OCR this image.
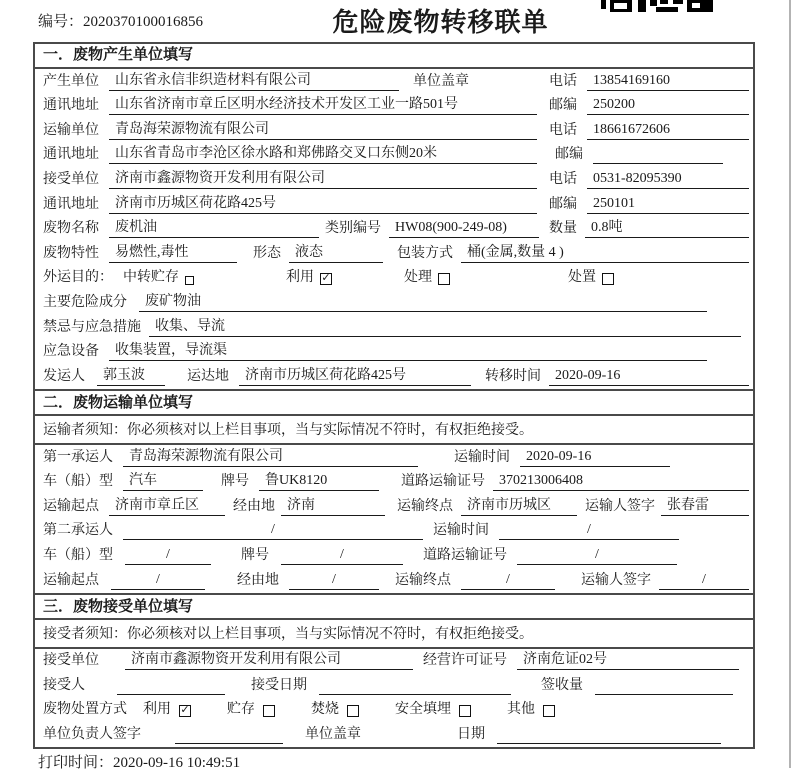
编号：2020370100016856	危险废物转移联单
一．废物产生单位填写
产生单位	山东省永信非织造材料有限公司	单位盖章	电话	13854169160
通讯地址	山东省济南市章丘区明水经济技术开发区工业一路501号	邮编	250200
运输单位	青岛海荣源物流有限公司	电话	18661672606
通讯地址	山东省青岛市李沧区徐水路和郑佛路交叉口东侧20米	邮编
接受单位	济南市鑫源物资开发利用有限公司	电话	0531-82095390
通讯地址	济南市历城区荷花路425号	邮编	250101
废物名称	废机油	类别编号	HW08(900-249-08)	数量	0.8吨
废物特性	易燃性,毒性	形态	液态	包装方式	桶(金属,数量 4 )
外运目的： 中转贮存	利用 ✓	处理	处置
主要危险成分	废矿物油
禁忌与应急措施	收集、导流
应急设备	收集装置，导流渠
发运人	郭玉波	运达地	济南市历城区荷花路425号	转移时间	2020-09-16
二．废物运输单位填写
运输者须知：你必须核对以上栏目事项，当与实际情况不符时，有权拒绝接受。
第一承运人	青岛海荣源物流有限公司	运输时间	2020-09-16
车（船）型	汽车	牌号	鲁UK8120	道路运输证号	370213006408
运输起点	济南市章丘区	经由地 济南	运输终点	济南市历城区	运输人签字 张春雷
第二承运人	/	运输时间	/
车（船）型	/	牌号	/	道路运输证号	/
运输起点	/	经由地	/	运输终点	/	运输人签字	/
三．废物接受单位填写
接受者须知：你必须核对以上栏目事项，当与实际情况不符时，有权拒绝接受。
接受单位	济南市鑫源物资开发利用有限公司	经营许可证号	济南危证02号
接受人	接受日期	签收量
废物处置方式 利用 ✓	贮存	焚烧	安全填埋	其他
单位负责人签字	单位盖章	日期
打印时间：2020-09-16 10:49:51
